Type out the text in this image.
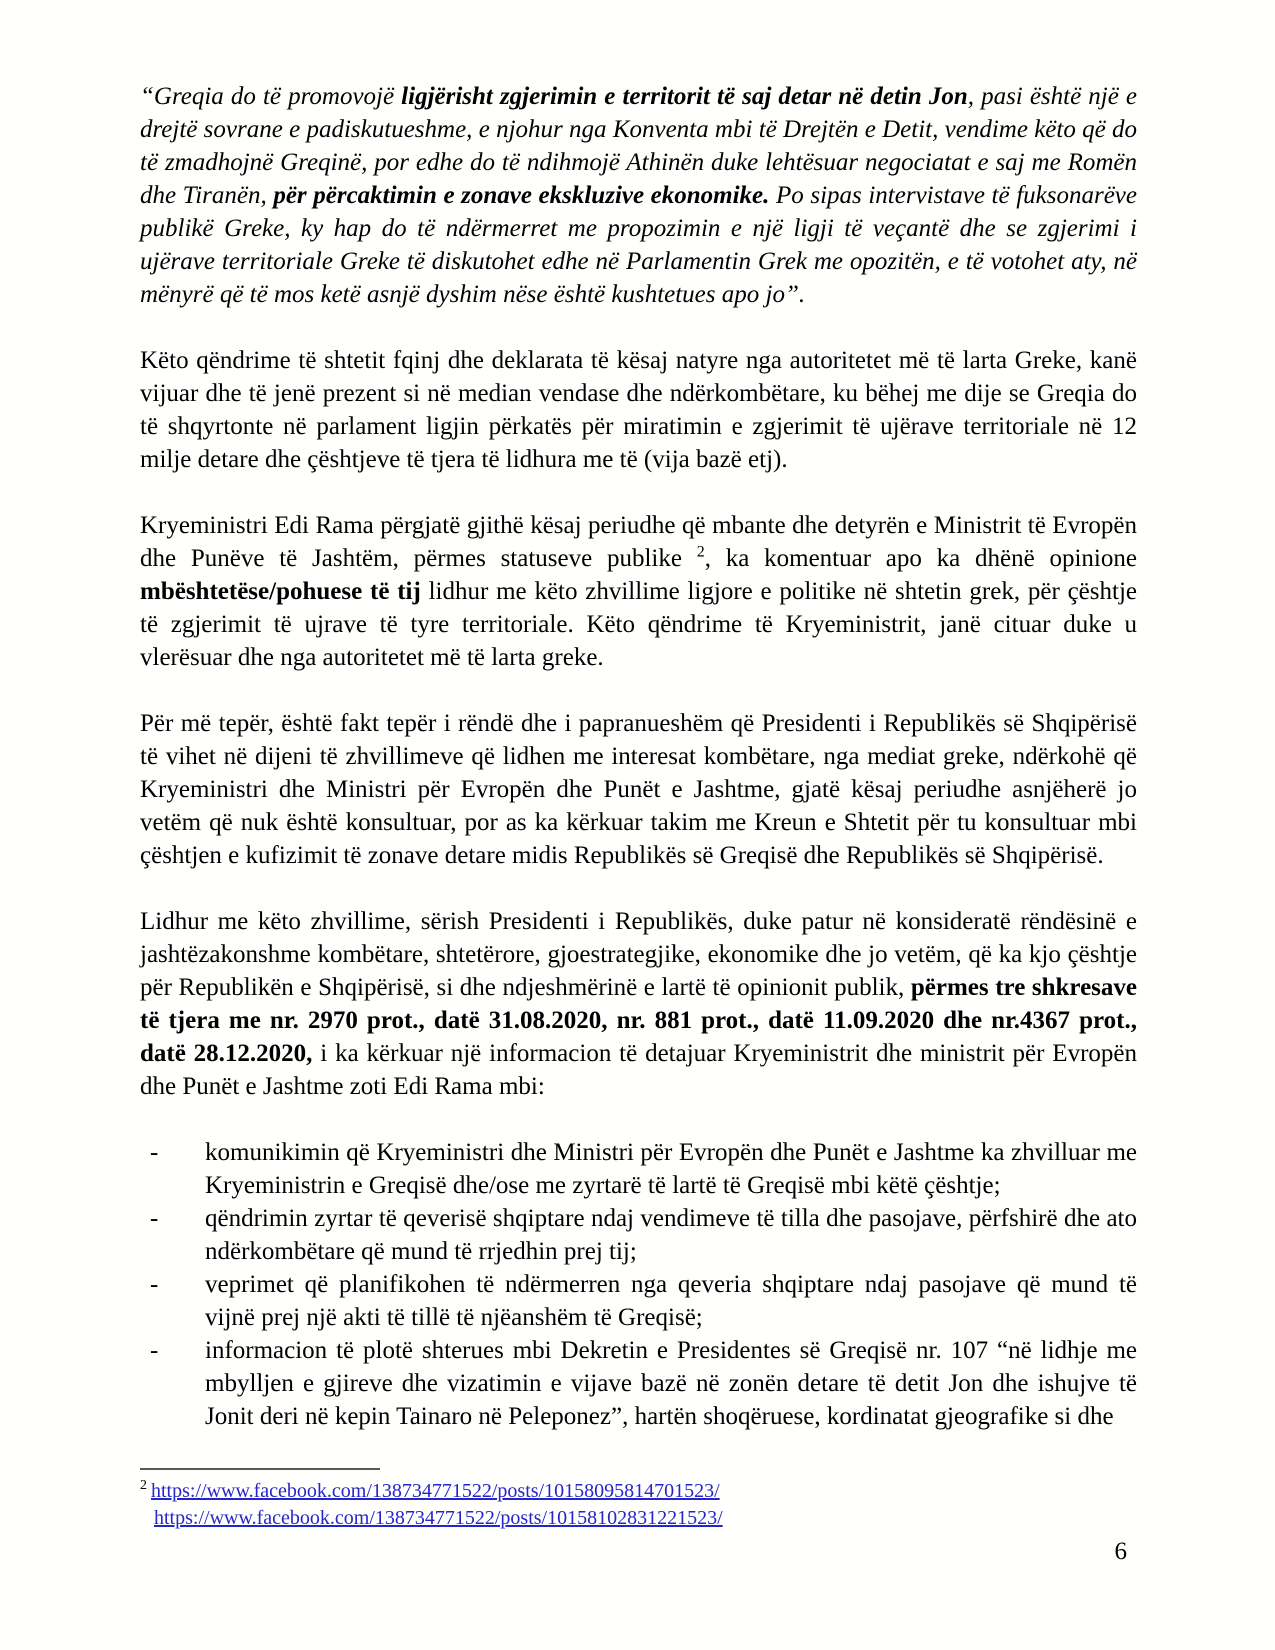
“Greqia do të promovojë ligjërisht zgjerimin e territorit të saj detar në detin Jon, pasi është një e drejtë sovrane e padiskutueshme, e njohur nga Konventa mbi të Drejtën e Detit, vendime këto që do të zmadhojnë Greqinë, por edhe do të ndihmojë Athinën duke lehtësuar negociatat e saj me Romën dhe Tiranën, për përcaktimin e zonave ekskluzive ekonomike. Po sipas intervistave të fuksonarëve publikë Greke, ky hap do të ndërmerret me propozimin e një ligji të veçantë dhe se zgjerimi i ujërave territoriale Greke të diskutohet edhe në Parlamentin Grek me opozitën, e të votohet aty, në mënyrë që të mos ketë asnjë dyshim nëse është kushtetues apo jo”.

Këto qëndrime të shtetit fqinj dhe deklarata të kësaj natyre nga autoritetet më të larta Greke, kanë vijuar dhe të jenë prezent si në median vendase dhe ndërkombëtare, ku bëhej me dije se Greqia do të shqyrtonte në parlament ligjin përkatës për miratimin e zgjerimit të ujërave territoriale në 12 milje detare dhe çështjeve të tjera të lidhura me të (vija bazë etj).

Kryeministri Edi Rama përgjatë gjithë kësaj periudhe që mbante dhe detyrën e Ministrit të Evropën dhe Punëve të Jashtëm, përmes statuseve publike $^2$, ka komentuar apo ka dhënë opinione mbështetëse/pohuese të tij lidhur me këto zhvillime ligjore e politike në shtetin grek, për çështje të zgjerimit të ujrave të tyre territoriale. Këto qëndrime të Kryeministrit, janë cituar duke u vlerësuar dhe nga autoritetet më të larta greke.

Për më tepër, është fakt tepër i rëndë dhe i papranueshëm që Presidenti i Republikës së Shqipërisë të vihet në dijeni të zhvillimeve që lidhen me interesat kombëtare, nga mediat greke, ndërkohë që Kryeministri dhe Ministri për Evropën dhe Punët e Jashtme, gjatë kësaj periudhe asnjëherë jo vetëm që nuk është konsultuar, por as ka kërkuar takim me Kreun e Shtetit për tu konsultuar mbi çështjen e kufizimit të zonave detare midis Republikës së Greqisë dhe Republikës së Shqipërisë.

Lidhur me këto zhvillime, sërish Presidenti i Republikës, duke patur në konsideratë rëndësinë e jashtëzakonshme kombëtare, shtetërore, gjoestrategjike, ekonomike dhe jo vetëm, që ka kjo çështje për Republikën e Shqipërisë, si dhe ndjeshmërinë e lartë të opinionit publik, përmes tre shkresave të tjera me nr. 2970 prot., datë 31.08.2020, nr. 881 prot., datë 11.09.2020 dhe nr.4367 prot., datë 28.12.2020, i ka kërkuar një informacion të detajuar Kryeministrit dhe ministrit për Evropën dhe Punët e Jashtme zoti Edi Rama mbi:

-	komunikimin që Kryeministri dhe Ministri për Evropën dhe Punët e Jashtme ka zhvilluar me Kryeministrin e Greqisë dhe/ose me zyrtarë të lartë të Greqisë mbi këtë çështje;
-	qëndrimin zyrtar të qeverisë shqiptare ndaj vendimeve të tilla dhe pasojave, përfshirë dhe ato ndërkombëtare që mund të rrjedhin prej tij;
-	veprimet që planifikohen të ndërmerren nga qeveria shqiptare ndaj pasojave që mund të vijnë prej një akti të tillë të njëanshëm të Greqisë;
-	informacion të plotë shterues mbi Dekretin e Presidentes së Greqisë nr. 107 “në lidhje me mbylljen e gjireve dhe vizatimin e vijave bazë në zonën detare të detit Jon dhe ishujve të Jonit deri në kepin Tainaro në Peleponez”, hartën shoqëruese, kordinatat gjeografike si dhe
$^2$ https://www.facebook.com/138734771522/posts/10158095814701523/
https://www.facebook.com/138734771522/posts/10158102831221523/
6
